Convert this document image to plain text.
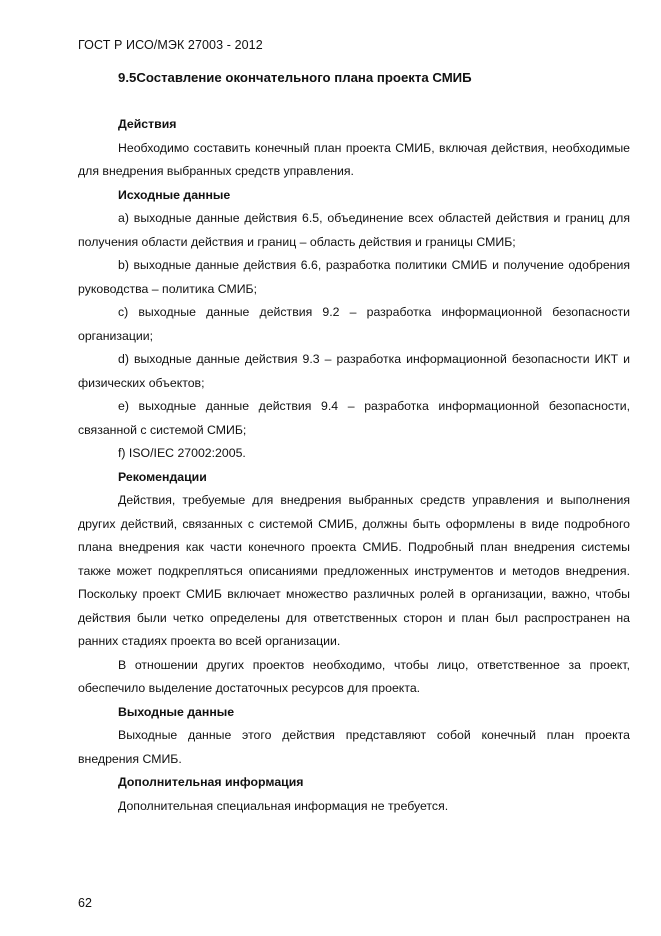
ГОСТ Р ИСО/МЭК 27003 - 2012
9.5Составление окончательного плана проекта СМИБ

Действия

Необходимо составить конечный план проекта СМИБ, включая действия, необходимые для внедрения выбранных средств управления.

Исходные данные

a) выходные данные действия 6.5, объединение всех областей действия и границ для получения области действия и границ – область действия и границы СМИБ;

b) выходные данные действия 6.6, разработка политики СМИБ и получение одобрения руководства – политика СМИБ;

c) выходные данные действия 9.2 – разработка информационной безопасности организации;

d) выходные данные действия 9.3 – разработка информационной безопасности ИКТ и физических объектов;

e) выходные данные действия 9.4 – разработка информационной безопасности, связанной с системой СМИБ;

f) ISO/IEC 27002:2005.

Рекомендации

Действия, требуемые для внедрения выбранных средств управления и выполнения других действий, связанных с системой СМИБ, должны быть оформлены в виде подробного плана внедрения как части конечного проекта СМИБ. Подробный план внедрения системы также может подкрепляться описаниями предложенных инструментов и методов внедрения. Поскольку проект СМИБ включает множество различных ролей в организации, важно, чтобы действия были четко определены для ответственных сторон и план был распространен на ранних стадиях проекта во всей организации.

В отношении других проектов необходимо, чтобы лицо, ответственное за проект, обеспечило выделение достаточных ресурсов для проекта.

Выходные данные

Выходные данные этого действия представляют собой конечный план проекта внедрения СМИБ.

Дополнительная информация

Дополнительная специальная информация не требуется.

62
